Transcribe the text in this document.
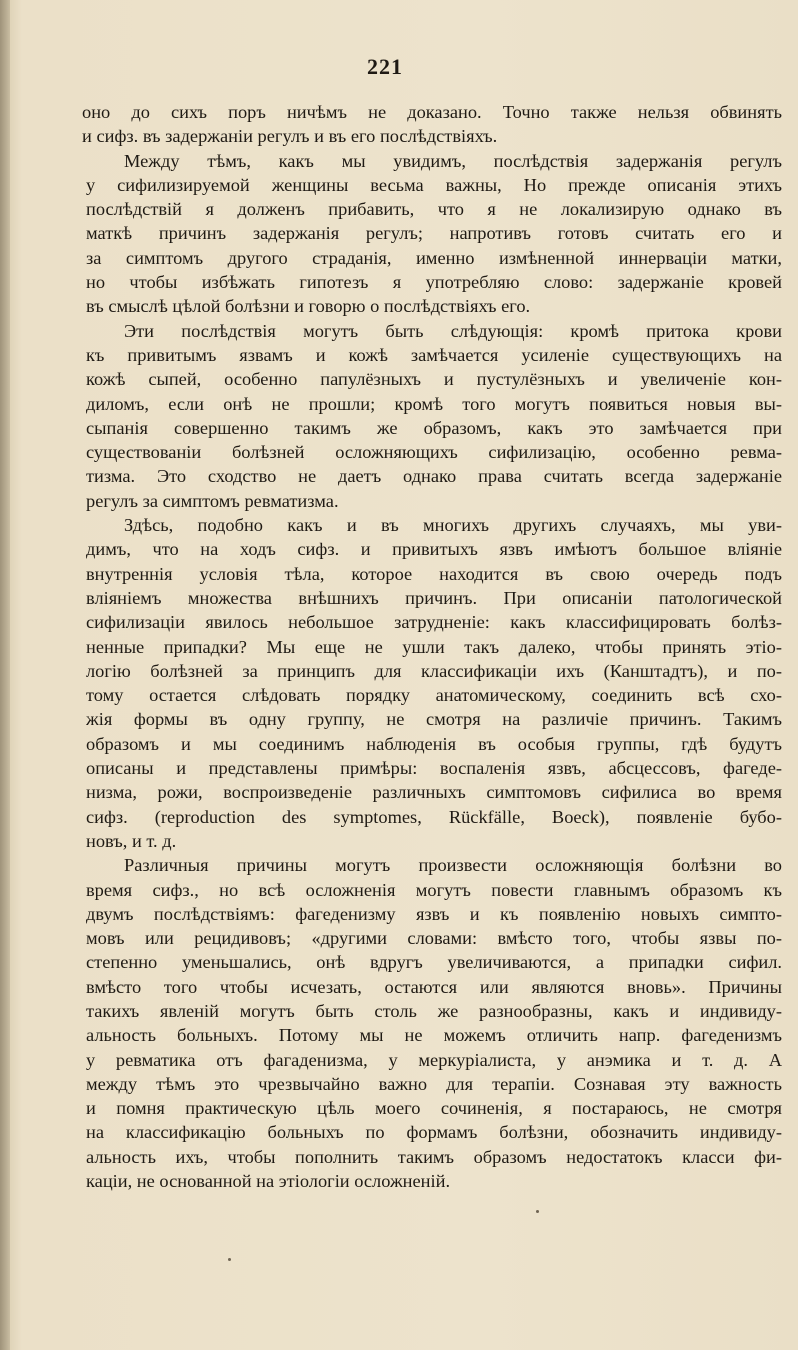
221
оно до сихъ поръ ничѣмъ не доказано. Точно также нельзя обвинять
и сифз. въ задержанiи регулъ и въ его послѣдствiяхъ.
Между тѣмъ, какъ мы увидимъ, послѣдствiя задержанiя регулъ
у сифилизируемой женщины весьма важны, Но прежде описанiя этихъ
послѣдствiй я долженъ прибавить, что я не локализирую однако въ
маткѣ причинъ задержанiя регулъ; напротивъ готовъ считать его и
за симптомъ другого страданiя, именно измѣненной иннервацiи матки,
но чтобы избѣжать гипотезъ я употребляю слово: задержанiе кровей
въ смыслѣ цѣлой болѣзни и говорю о послѣдствiяхъ его.
Эти послѣдствiя могутъ быть слѣдующiя: кромѣ притока крови
къ привитымъ язвамъ и кожѣ замѣчается усиленiе существующихъ на
кожѣ сыпей, особенно папулёзныхъ и пустулёзныхъ и увеличенiе кон-
диломъ, если онѣ не прошли; кромѣ того могутъ появиться новыя вы-
сыпанiя совершенно такимъ же образомъ, какъ это замѣчается при
существованiи болѣзней осложняющихъ сифилизацiю, особенно ревма-
тизма. Это сходство не даетъ однако права считать всегда задержанiе
регулъ за симптомъ ревматизма.
Здѣсь, подобно какъ и въ многихъ другихъ случаяхъ, мы уви-
димъ, что на ходъ сифз. и привитыхъ язвъ имѣютъ большое влiянiе
внутреннiя условiя тѣла, которое находится въ свою очередь подъ
влiянiемъ множества внѣшнихъ причинъ. При описанiи патологической
сифилизацiи явилось небольшое затрудненiе: какъ классифицировать болѣз-
ненные припадки? Мы еще не ушли такъ далеко, чтобы принять этiо-
логiю болѣзней за принципъ для классификацiи ихъ (Канштадтъ), и по-
тому остается слѣдовать порядку анатомическому, соединить всѣ схо-
жiя формы въ одну группу, не смотря на различiе причинъ. Такимъ
образомъ и мы соединимъ наблюденiя въ особыя группы, гдѣ будутъ
описаны и представлены примѣры: воспаленiя язвъ, абсцессовъ, фагеде-
низма, рожи, воспроизведенiе различныхъ симптомовъ сифилиса во время
сифз. (reproduction des symptomes, Rückfälle, Boeck), появленiе бубо-
новъ, и т. д.
Различныя причины могутъ произвести осложняющiя болѣзни во
время сифз., но всѣ осложненiя могутъ повести главнымъ образомъ къ
двумъ послѣдствiямъ: фагеденизму язвъ и къ появленiю новыхъ симпто-
мовъ или рецидивовъ; «другими словами: вмѣсто того, чтобы язвы по-
степенно уменьшались, онѣ вдругъ увеличиваются, а припадки сифил.
вмѣсто того чтобы исчезать, остаются или являются вновь». Причины
такихъ явленiй могутъ быть столь же разнообразны, какъ и индивиду-
альность больныхъ. Потому мы не можемъ отличить напр. фагеденизмъ
у ревматика отъ фагаденизма, у меркурiалиста, у анэмика и т. д. А
между тѣмъ это чрезвычайно важно для терапiи. Сознавая эту важность
и помня практическую цѣль моего сочиненiя, я постараюсь, не смотря
на классификацiю больныхъ по формамъ болѣзни, обозначить индивиду-
альность ихъ, чтобы пополнить такимъ образомъ недостатокъ класси фи-
кацiи, не основанной на этiологiи осложненiй.
